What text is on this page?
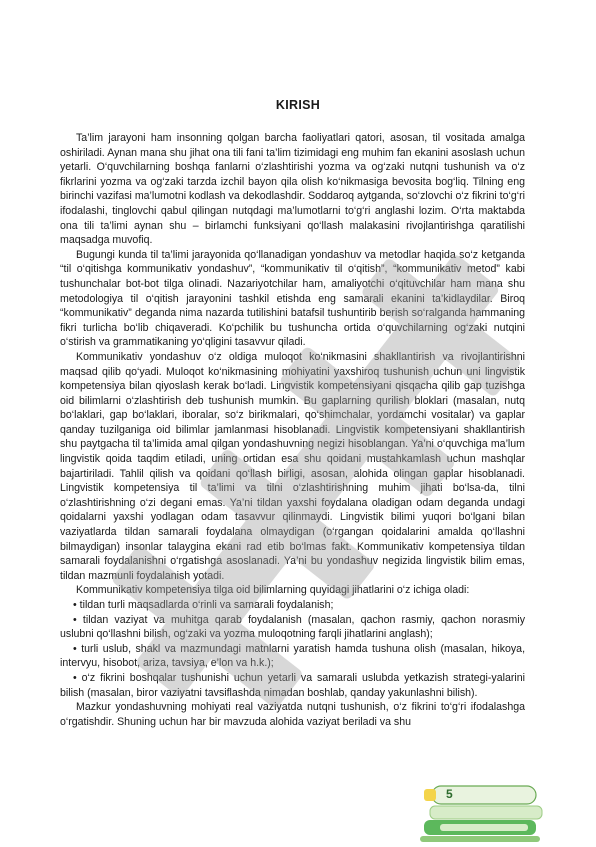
KIRISH

Ta’lim jarayoni ham insonning qolgan barcha faoliyatlari qatori, asosan, til vositada amalga oshiriladi. Aynan mana shu jihat ona tili fani ta’lim tizimidagi eng muhim fan ekanini asoslash uchun yetarli. O‘quvchilarning boshqa fanlarni o‘zlashtirishi yozma va og‘zaki nutqni tushunish va o‘z fikrlarini yozma va og‘zaki tarzda izchil bayon qila olish ko‘nikmasiga bevosita bog‘liq. Tilning eng birinchi vazifasi ma’lumotni kodlash va dekodlashdir. Soddaroq aytganda, so‘zlovchi o‘z fikrini to‘g‘ri ifodalashi, tinglovchi qabul qilingan nutqdagi ma’lumotlarni to‘g‘ri anglashi lozim. O‘rta maktabda ona tili ta’limi aynan shu – birlamchi funksiyani qo‘llash malakasini rivojlantirishga qaratilishi maqsadga muvofiq.

Bugungi kunda til ta’limi jarayonida qo‘llanadigan yondashuv va metodlar haqida so‘z ketganda “til o‘qitishga kommunikativ yondashuv”, “kommunikativ til o‘qitish”, “kommunikativ metod” kabi tushunchalar bot-bot tilga olinadi. Nazariyotchilar ham, amaliyotchi o‘qituvchilar ham mana shu metodologiya til o‘qitish jarayonini tashkil etishda eng samarali ekanini ta’kidlaydilar. Biroq “kommunikativ” deganda nima nazarda tutilishini batafsil tushuntirib berish so‘ralganda hammaning fikri turlicha bo‘lib chiqaveradi. Ko‘pchilik bu tushuncha ortida o‘quvchilarning og‘zaki nutqini o‘stirish va grammatikaning yo‘qligini tasavvur qiladi.

Kommunikativ yondashuv o‘z oldiga muloqot ko‘nikmasini shakllantirish va rivojlantirishni maqsad qilib qo‘yadi. Muloqot ko‘nikmasining mohiyatini yaxshiroq tushunish uchun uni lingvistik kompetensiya bilan qiyoslash kerak bo‘ladi. Lingvistik kompetensiyani qisqacha qilib gap tuzishga oid bilimlarni o‘zlashtirish deb tushunish mumkin. Bu gaplarning qurilish bloklari (masalan, nutq bo‘laklari, gap bo‘laklari, iboralar, so‘z birikmalari, qo‘shimchalar, yordamchi vositalar) va gaplar qanday tuzilganiga oid bilimlar jamlanmasi hisoblanadi. Lingvistik kompetensiyani shakllantirish shu paytgacha til ta’limida amal qilgan yondashuvning negizi hisoblangan. Ya’ni o‘quvchiga ma’lum lingvistik qoida taqdim etiladi, uning ortidan esa shu qoidani mustahkamlash uchun mashqlar bajartiriladi. Tahlil qilish va qoidani qo‘llash birligi, asosan, alohida olingan gaplar hisoblanadi. Lingvistik kompetensiya til ta’limi va tilni o‘zlashtirishning muhim jihati bo‘lsa-da, tilni o‘zlashtirishning o‘zi degani emas. Ya’ni tildan yaxshi foydalana oladigan odam deganda undagi qoidalarni yaxshi yodlagan odam tasavvur qilinmaydi. Lingvistik bilimi yuqori bo‘lgani bilan vaziyatlarda tildan samarali foydalana olmaydigan (o‘rgangan qoidalarini amalda qo‘llashni bilmaydigan) insonlar talaygina ekani rad etib bo‘lmas fakt. Kommunikativ kompetensiya tildan samarali foydalanishni o‘rgatishga asoslanadi. Ya’ni bu yondashuv negizida lingvistik bilim emas, tildan mazmunli foydalanish yotadi.

Kommunikativ kompetensiya tilga oid bilimlarning quyidagi jihatlarini o‘z ichiga oladi:

• tildan turli maqsadlarda o‘rinli va samarali foydalanish;
• tildan vaziyat va muhitga qarab foydalanish (masalan, qachon rasmiy, qachon norasmiy uslubni qo‘llashni bilish, og‘zaki va yozma muloqotning farqli jihatlarini anglash);
• turli uslub, shakl va mazmundagi matnlarni yaratish hamda tushuna olish (masalan, hikoya, intervyu, hisobot, ariza, tavsiya, e’lon va h.k.);
• o‘z fikrini boshqalar tushunishi uchun yetarli va samarali uslubda yetkazish strategi-yalarini bilish (masalan, biror vaziyatni tavsiflashda nimadan boshlab, qanday yakunlashni bilish).

Mazkur yondashuvning mohiyati real vaziyatda nutqni tushunish, o‘z fikrini to‘g‘ri ifodalashga o‘rgatishdir. Shuning uchun har bir mavzuda alohida vaziyat beriladi va shu

5
